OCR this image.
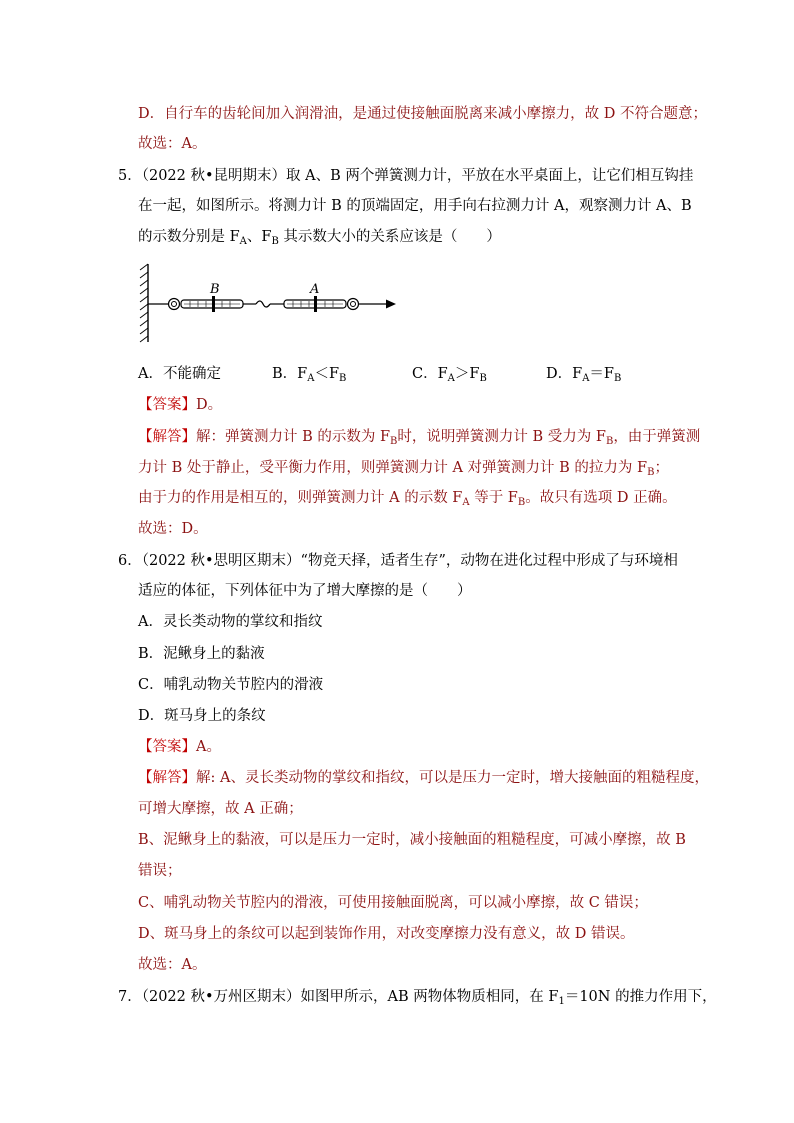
D．自行车的齿轮间加入润滑油，是通过使接触面脱离来减小摩擦力，故 D 不符合题意；
故选：A。
5．（2022 秋•昆明期末）取 A、B 两个弹簧测力计，平放在水平桌面上，让它们相互钩挂
在一起，如图所示。将测力计 B 的顶端固定，用手向右拉测力计 A，观察测力计 A、B
的示数分别是 $F_A$、$F_B$ 其示数大小的关系应该是（　　）
B	A
A．不能确定	B．$F_A<F_B$	C．$F_A>F_B$	D．$F_A=F_B$
【答案】D。
【解答】解：弹簧测力计 B 的示数为 $F_B$时，说明弹簧测力计 B 受力为 $F_B$，由于弹簧测
力计 B 处于静止，受平衡力作用，则弹簧测力计 A 对弹簧测力计 B 的拉力为 $F_B$；
由于力的作用是相互的，则弹簧测力计 A 的示数 $F_A$ 等于 $F_B$。故只有选项 D 正确。
故选：D。
6．（2022 秋•思明区期末）“物竞天择，适者生存”，动物在进化过程中形成了与环境相
适应的体征，下列体征中为了增大摩擦的是（　　）
A．灵长类动物的掌纹和指纹
B．泥鳅身上的黏液
C．哺乳动物关节腔内的滑液
D．斑马身上的条纹
【答案】A。
【解答】解: A、灵长类动物的掌纹和指纹，可以是压力一定时，增大接触面的粗糙程度，
可增大摩擦，故 A 正确；
B、泥鳅身上的黏液，可以是压力一定时，减小接触面的粗糙程度，可减小摩擦，故 B
错误；
C、哺乳动物关节腔内的滑液，可使用接触面脱离，可以减小摩擦，故 C 错误；
D、斑马身上的条纹可以起到装饰作用，对改变摩擦力没有意义，故 D 错误。
故选：A。
7．（2022 秋•万州区期末）如图甲所示，AB 两物体物质相同，在 $F_1=10N$ 的推力作用下，
